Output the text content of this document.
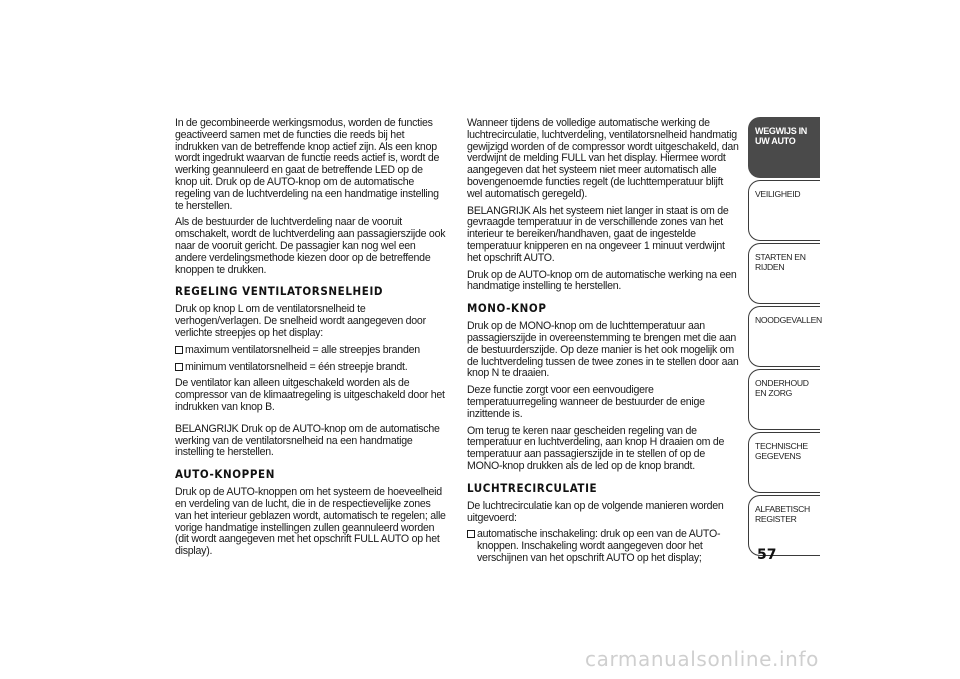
In de gecombineerde werkingsmodus, worden de functies geactiveerd samen met de functies die reeds bij het indrukken van de betreffende knop actief zijn. Als een knop wordt ingedrukt waarvan de functie reeds actief is, wordt de werking geannuleerd en gaat de betreffende LED op de knop uit. Druk op de AUTO-knop om de automatische regeling van de luchtverdeling na een handmatige instelling te herstellen.

Als de bestuurder de luchtverdeling naar de vooruit omschakelt, wordt de luchtverdeling aan passagierszijde ook naar de vooruit gericht. De passagier kan nog wel een andere verdelingsmethode kiezen door op de betreffende knoppen te drukken.

REGELING VENTILATORSNELHEID

Druk op knop L om de ventilatorsnelheid te verhogen/verlagen. De snelheid wordt aangegeven door verlichte streepjes op het display:

maximum ventilatorsnelheid = alle streepjes branden

minimum ventilatorsnelheid = één streepje brandt.

De ventilator kan alleen uitgeschakeld worden als de compressor van de klimaatregeling is uitgeschakeld door het indrukken van knop B.

BELANGRIJK Druk op de AUTO-knop om de automatische werking van de ventilatorsnelheid na een handmatige instelling te herstellen.

AUTO-KNOPPEN

Druk op de AUTO-knoppen om het systeem de hoeveelheid en verdeling van de lucht, die in de respectievelijke zones van het interieur geblazen wordt, automatisch te regelen; alle vorige handmatige instellingen zullen geannuleerd worden (dit wordt aangegeven met het opschrift FULL AUTO op het display).

Wanneer tijdens de volledige automatische werking de luchtrecirculatie, luchtverdeling, ventilatorsnelheid handmatig gewijzigd worden of de compressor wordt uitgeschakeld, dan verdwijnt de melding FULL van het display. Hiermee wordt aangegeven dat het systeem niet meer automatisch alle bovengenoemde functies regelt (de luchttemperatuur blijft wel automatisch geregeld).

BELANGRIJK Als het systeem niet langer in staat is om de gevraagde temperatuur in de verschillende zones van het interieur te bereiken/handhaven, gaat de ingestelde temperatuur knipperen en na ongeveer 1 minuut verdwijnt het opschrift AUTO.

Druk op de AUTO-knop om de automatische werking na een handmatige instelling te herstellen.

MONO-KNOP

Druk op de MONO-knop om de luchttemperatuur aan passagierszijde in overeenstemming te brengen met die aan de bestuurderszijde. Op deze manier is het ook mogelijk om de luchtverdeling tussen de twee zones in te stellen door aan knop N te draaien.

Deze functie zorgt voor een eenvoudigere temperatuurregeling wanneer de bestuurder de enige inzittende is.

Om terug te keren naar gescheiden regeling van de temperatuur en luchtverdeling, aan knop H draaien om de temperatuur aan passagierszijde in te stellen of op de MONO-knop drukken als de led op de knop brandt.

LUCHTRECIRCULATIE

De luchtrecirculatie kan op de volgende manieren worden uitgevoerd:

automatische inschakeling: druk op een van de AUTO-knoppen. Inschakeling wordt aangegeven door het verschijnen van het opschrift AUTO op het display;

WEGWIJS IN UW AUTO
VEILIGHEID
STARTEN EN RIJDEN
NOODGEVALLEN
ONDERHOUD EN ZORG
TECHNISCHE GEGEVENS
ALFABETISCH REGISTER
57
carmanualsonline.info
